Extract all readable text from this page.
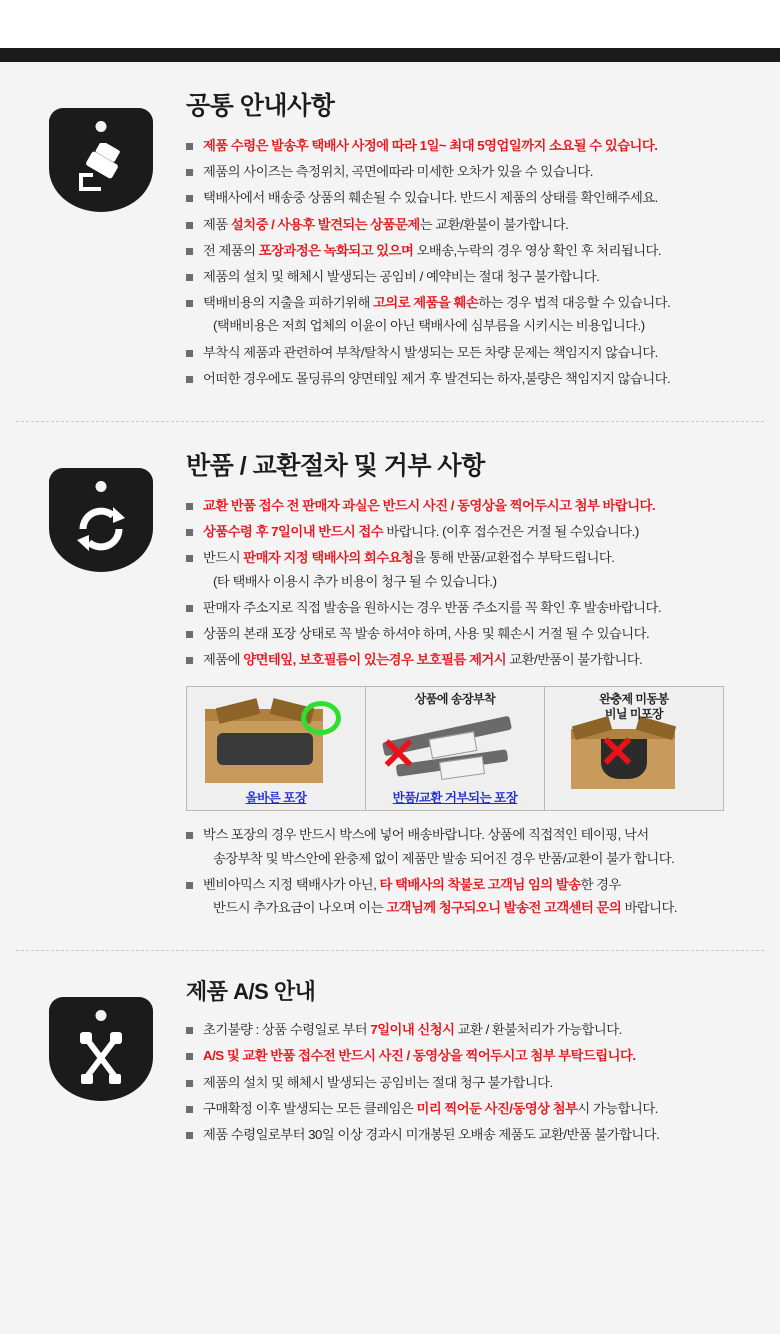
공통 안내사항
제품 수령은 발송후 택배사 사정에 따라 1일~ 최대 5영업일까지 소요될 수 있습니다.
제품의 사이즈는 측정위치, 곡면에따라 미세한 오차가 있을 수 있습니다.
택배사에서 배송중 상품의 훼손될 수 있습니다. 반드시 제품의 상태를 확인해주세요.
제품 설치중 / 사용후 발견되는 상품문제는 교환/환불이 불가합니다.
전 제품의 포장과정은 녹화되고 있으며 오배송,누락의 경우 영상 확인 후 처리됩니다.
제품의 설치 및 해체시 발생되는 공임비 / 예약비는 절대 청구 불가합니다.
택배비용의 지출을 피하기위해 고의로 제품을 훼손하는 경우 법적 대응할 수 있습니다.
(택배비용은 저희 업체의 이윤이 아닌 택배사에 심부름을 시키시는 비용입니다.)
부착식 제품과 관련하여 부착/탈착시 발생되는 모든 차량 문제는 책임지지 않습니다.
어떠한 경우에도 몰딩류의 양면테잎 제거 후 발견되는 하자,불량은 책임지지 않습니다.
반품 / 교환절차 및 거부 사항
교환 반품 접수 전 판매자 과실은 반드시 사진 / 동영상을 찍어두시고 첨부 바랍니다.
상품수령 후 7일이내 반드시 접수 바랍니다. (이후 접수건은 거절 될 수있습니다.)
반드시 판매자 지정 택배사의 회수요청을 통해 반품/교환접수 부탁드립니다.
(타 택배사 이용시 추가 비용이 청구 될 수 있습니다.)
판매자 주소지로 직접 발송을 원하시는 경우 반품 주소지를 꼭 확인 후 발송바랍니다.
상품의 본래 포장 상태로 꼭 발송 하셔야 하며, 사용 및 훼손시 거절 될 수 있습니다.
제품에 양면테잎, 보호필름이 있는경우 보호필름 제거시 교환/반품이 불가합니다.
올바른 포장
상품에 송장부착
✕
반품/교환 거부되는 포장
완충제 미동봉
비닐 미포장
✕
박스 포장의 경우 반드시 박스에 넣어 배송바랍니다. 상품에 직접적인 테이핑, 낙서
송장부착 및 박스안에 완충제 없이 제품만 발송 되어진 경우 반품/교환이 불가 합니다.
벤비아믹스 지정 택배사가 아닌, 타 택배사의 착불로 고객님 임의 발송한 경우
반드시 추가요금이 나오며 이는 고객님께 청구되오니 발송전 고객센터 문의 바랍니다.
제품 A/S 안내
초기불량 : 상품 수령일로 부터 7일이내 신청시 교환 / 환불처리가 가능합니다.
A/S 및 교환 반품 접수전 반드시 사진 / 동영상을 찍어두시고 첨부 부탁드립니다.
제품의 설치 및 해체시 발생되는 공임비는 절대 청구 불가합니다.
구매확정 이후 발생되는 모든 클레임은 미리 찍어둔 사진/동영상 첨부시 가능합니다.
제품 수령일로부터 30일 이상 경과시 미개봉된 오배송 제품도 교환/반품 불가합니다.
